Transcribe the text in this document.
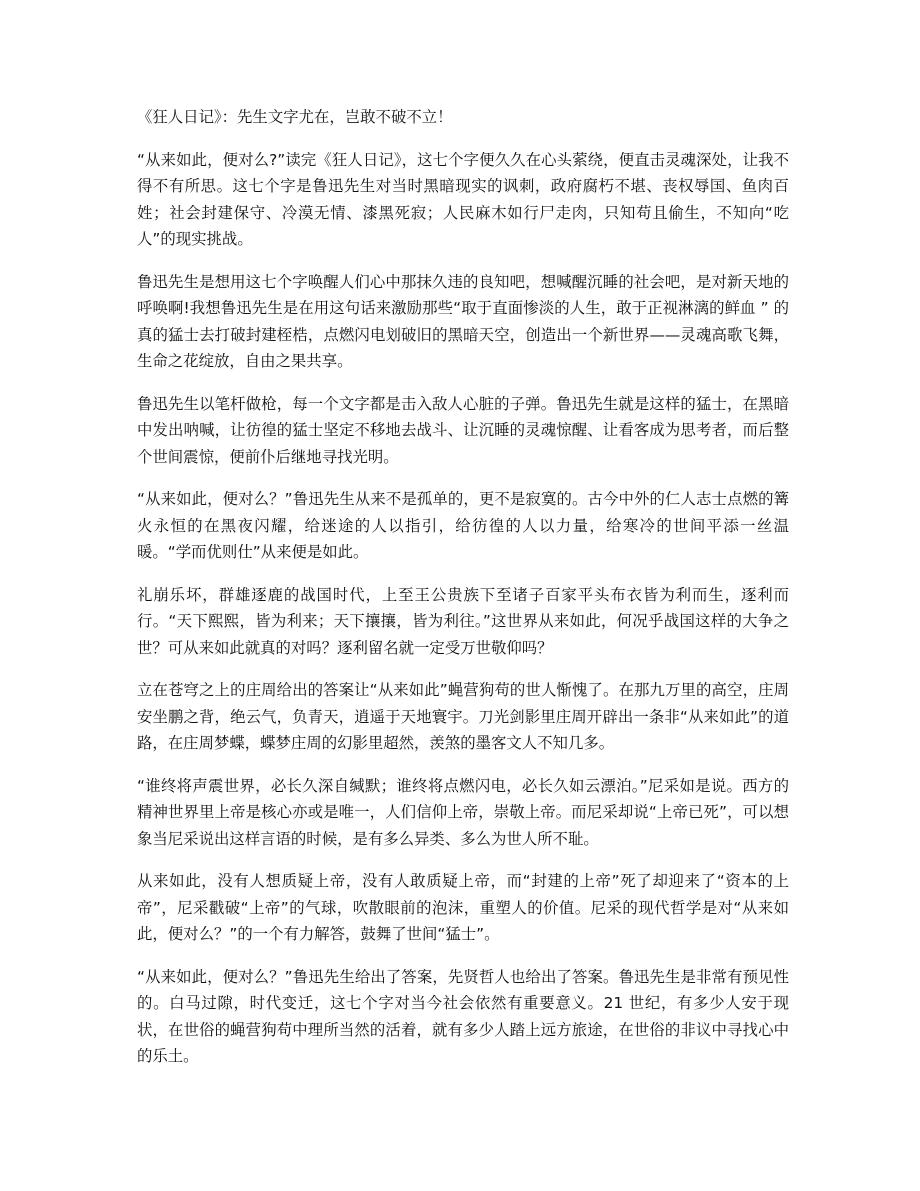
《狂人日记》：先生文字尤在，岂敢不破不立！

“从来如此，便对么?”读完《狂人日记》，这七个字便久久在心头萦绕，便直击灵魂深处，让我不得不有所思。这七个字是鲁迅先生对当时黑暗现实的讽刺，政府腐朽不堪、丧权辱国、鱼肉百姓；社会封建保守、冷漠无情、漆黑死寂；人民麻木如行尸走肉，只知苟且偷生，不知向“吃人”的现实挑战。

鲁迅先生是想用这七个字唤醒人们心中那抹久违的良知吧，想喊醒沉睡的社会吧，是对新天地的呼唤啊!我想鲁迅先生是在用这句话来激励那些“取于直面惨淡的人生，敢于正视淋漓的鲜血 ” 的真的猛士去打破封建桎梏，点燃闪电划破旧的黑暗天空，创造出一个新世界——灵魂高歌飞舞，生命之花绽放，自由之果共享。

鲁迅先生以笔杆做枪，每一个文字都是击入敌人心脏的子弹。鲁迅先生就是这样的猛士，在黑暗中发出呐喊，让彷徨的猛士坚定不移地去战斗、让沉睡的灵魂惊醒、让看客成为思考者，而后整个世间震惊，便前仆后继地寻找光明。

“从来如此，便对么？”鲁迅先生从来不是孤单的，更不是寂寞的。古今中外的仁人志士点燃的篝火永恒的在黑夜闪耀，给迷途的人以指引，给彷徨的人以力量，给寒冷的世间平添一丝温暖。“学而优则仕”从来便是如此。

礼崩乐坏，群雄逐鹿的战国时代，上至王公贵族下至诸子百家平头布衣皆为利而生，逐利而行。“天下熙熙，皆为利来；天下攘攘，皆为利往。”这世界从来如此，何况乎战国这样的大争之世？可从来如此就真的对吗？逐利留名就一定受万世敬仰吗？

立在苍穹之上的庄周给出的答案让“从来如此”蝇营狗苟的世人惭愧了。在那九万里的高空，庄周安坐鹏之背，绝云气，负青天，逍遥于天地寰宇。刀光剑影里庄周开辟出一条非“从来如此”的道路，在庄周梦蝶，蝶梦庄周的幻影里超然，羡煞的墨客文人不知几多。

“谁终将声震世界，必长久深自缄默；谁终将点燃闪电，必长久如云漂泊。”尼采如是说。西方的精神世界里上帝是核心亦或是唯一，人们信仰上帝，崇敬上帝。而尼采却说“上帝已死”，可以想象当尼采说出这样言语的时候，是有多么异类、多么为世人所不耻。

从来如此，没有人想质疑上帝，没有人敢质疑上帝，而“封建的上帝”死了却迎来了“资本的上帝”，尼采戳破“上帝”的气球，吹散眼前的泡沫，重塑人的价值。尼采的现代哲学是对“从来如此，便对么？”的一个有力解答，鼓舞了世间“猛士”。

“从来如此，便对么？”鲁迅先生给出了答案，先贤哲人也给出了答案。鲁迅先生是非常有预见性的。白马过隙，时代变迁，这七个字对当今社会依然有重要意义。21 世纪，有多少人安于现状，在世俗的蝇营狗苟中理所当然的活着，就有多少人踏上远方旅途，在世俗的非议中寻找心中的乐土。
